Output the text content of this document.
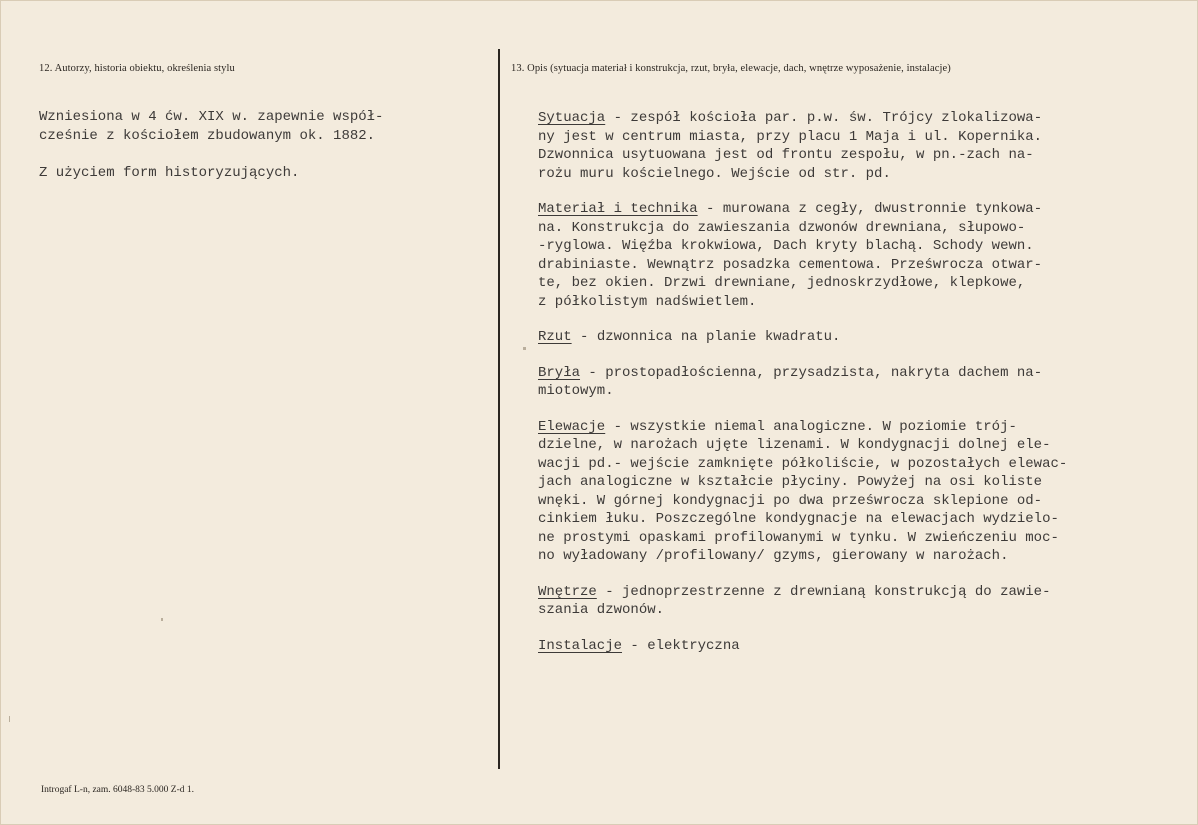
12. Autorzy, historia obiektu, określenia stylu	13. Opis (sytuacja materiał i konstrukcja, rzut, bryła, elewacje, dach, wnętrze wyposażenie, instalacje)

Wzniesiona w 4 ćw. XIX w. zapewnie współ-
cześnie z kościołem zbudowanym ok. 1882.

Z użyciem form historyzujących.

Sytuacja - zespół kościoła par. p.w. św. Trójcy zlokalizowa-
ny jest w centrum miasta, przy placu 1 Maja i ul. Kopernika.
Dzwonnica usytuowana jest od frontu zespołu, w pn.-zach na-
rożu muru kościelnego. Wejście od str. pd.
Materiał i technika - murowana z cegły, dwustronnie tynkowa-
na. Konstrukcja do zawieszania dzwonów drewniana, słupowo-
-ryglowa. Więźba krokwiowa, Dach kryty blachą. Schody wewn.
drabiniaste. Wewnątrz posadzka cementowa. Prześwrocza otwar-
te, bez okien. Drzwi drewniane, jednoskrzydłowe, klepkowe,
z półkolistym nadświetlem.
Rzut - dzwonnica na planie kwadratu.
Bryła - prostopadłościenna, przysadzista, nakryta dachem na-
miotowym.
Elewacje - wszystkie niemal analogiczne. W poziomie trój-
dzielne, w narożach ujęte lizenami. W kondygnacji dolnej ele-
wacji pd.- wejście zamknięte półkoliście, w pozostałych elewac-
jach analogiczne w kształcie płyciny. Powyżej na osi koliste
wnęki. W górnej kondygnacji po dwa prześwrocza sklepione od-
cinkiem łuku. Poszczególne kondygnacje na elewacjach wydzielo-
ne prostymi opaskami profilowanymi w tynku. W zwieńczeniu moc-
no wyładowany /profilowany/ gzyms, gierowany w narożach.
Wnętrze - jednoprzestrzenne z drewnianą konstrukcją do zawie-
szania dzwonów.
Instalacje - elektryczna
Introgaf L-n, zam. 6048-83 5.000 Z-d 1.
